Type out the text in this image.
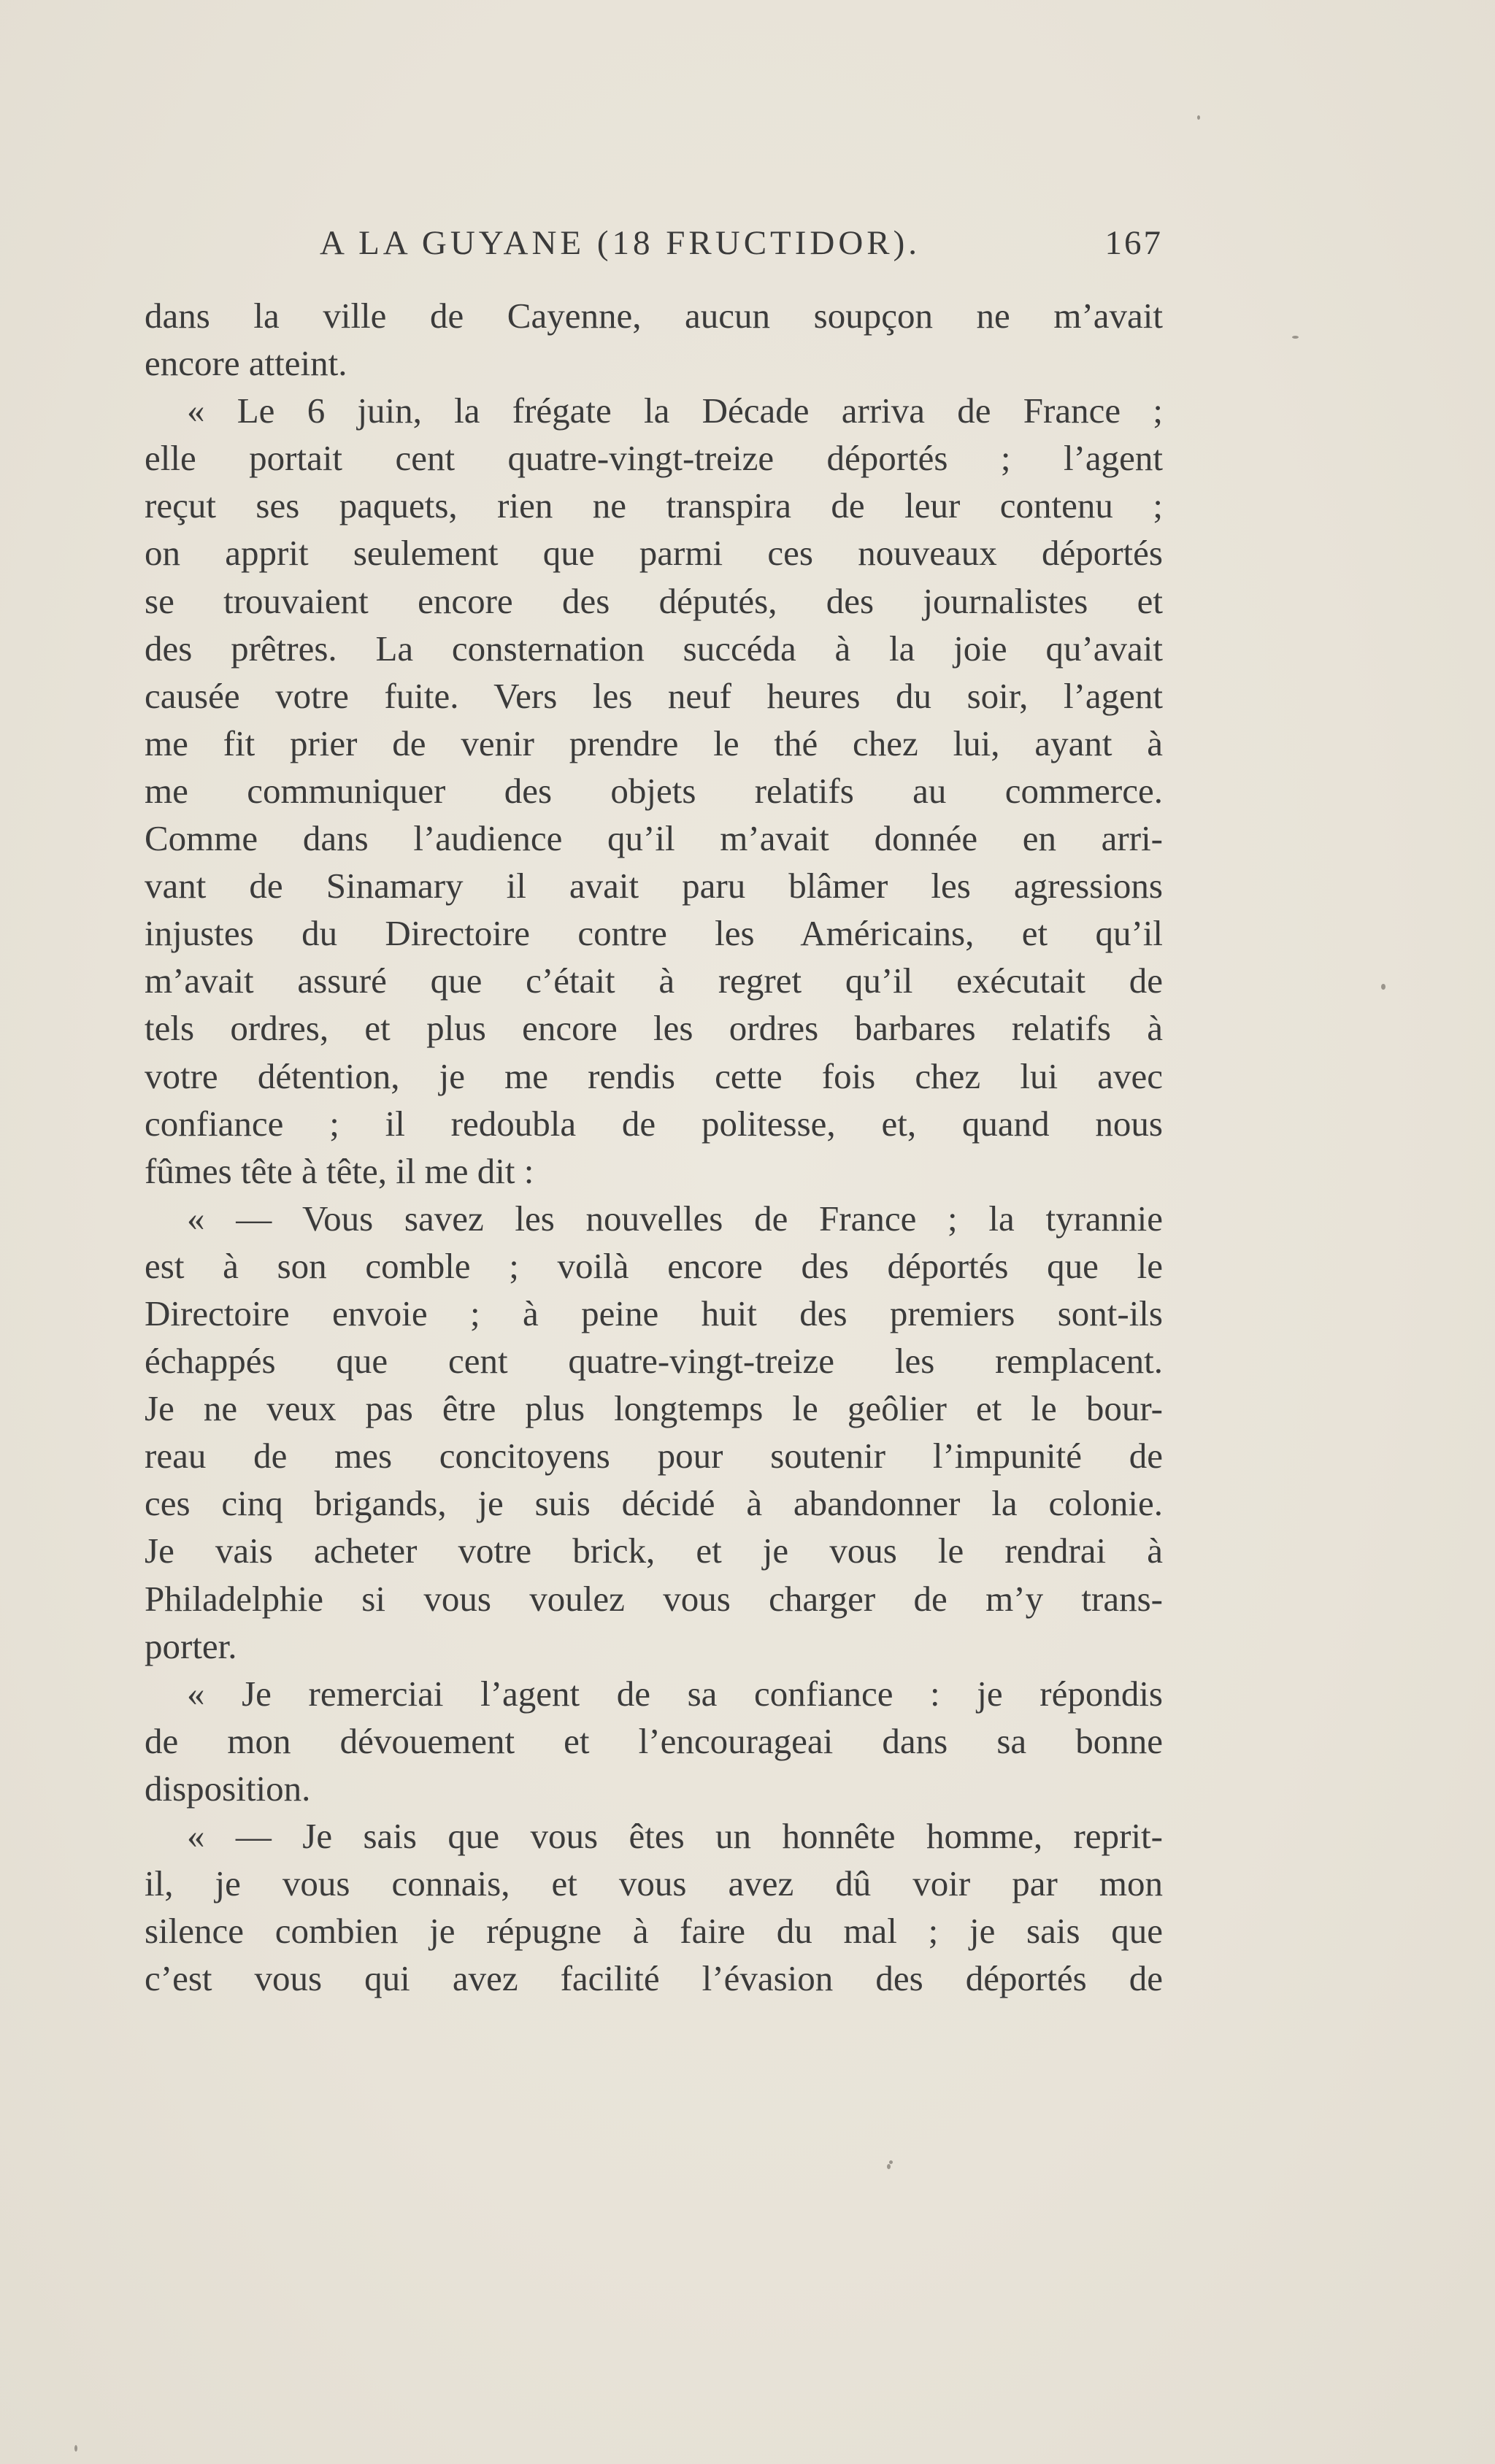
A LA GUYANE (18 FRUCTIDOR).	167
dans la ville de Cayenne, aucun soupçon ne m’avait
encore atteint.
« Le 6 juin, la frégate la Décade arriva de France ;
elle portait cent quatre-vingt-treize déportés ; l’agent
reçut ses paquets, rien ne transpira de leur contenu ;
on apprit seulement que parmi ces nouveaux déportés
se trouvaient encore des députés, des journalistes et
des prêtres. La consternation succéda à la joie qu’avait
causée votre fuite. Vers les neuf heures du soir, l’agent
me fit prier de venir prendre le thé chez lui, ayant à
me communiquer des objets relatifs au commerce.
Comme dans l’audience qu’il m’avait donnée en arri-
vant de Sinamary il avait paru blâmer les agressions
injustes du Directoire contre les Américains, et qu’il
m’avait assuré que c’était à regret qu’il exécutait de
tels ordres, et plus encore les ordres barbares relatifs à
votre détention, je me rendis cette fois chez lui avec
confiance ; il redoubla de politesse, et, quand nous
fûmes tête à tête, il me dit :
« — Vous savez les nouvelles de France ; la tyrannie
est à son comble ; voilà encore des déportés que le
Directoire envoie ; à peine huit des premiers sont-ils
échappés que cent quatre-vingt-treize les remplacent.
Je ne veux pas être plus longtemps le geôlier et le bour-
reau de mes concitoyens pour soutenir l’impunité de
ces cinq brigands, je suis décidé à abandonner la colonie.
Je vais acheter votre brick, et je vous le rendrai à
Philadelphie si vous voulez vous charger de m’y trans-
porter.
« Je remerciai l’agent de sa confiance : je répondis
de mon dévouement et l’encourageai dans sa bonne
disposition.
« — Je sais que vous êtes un honnête homme, reprit-
il, je vous connais, et vous avez dû voir par mon
silence combien je répugne à faire du mal ; je sais que
c’est vous qui avez facilité l’évasion des déportés de
